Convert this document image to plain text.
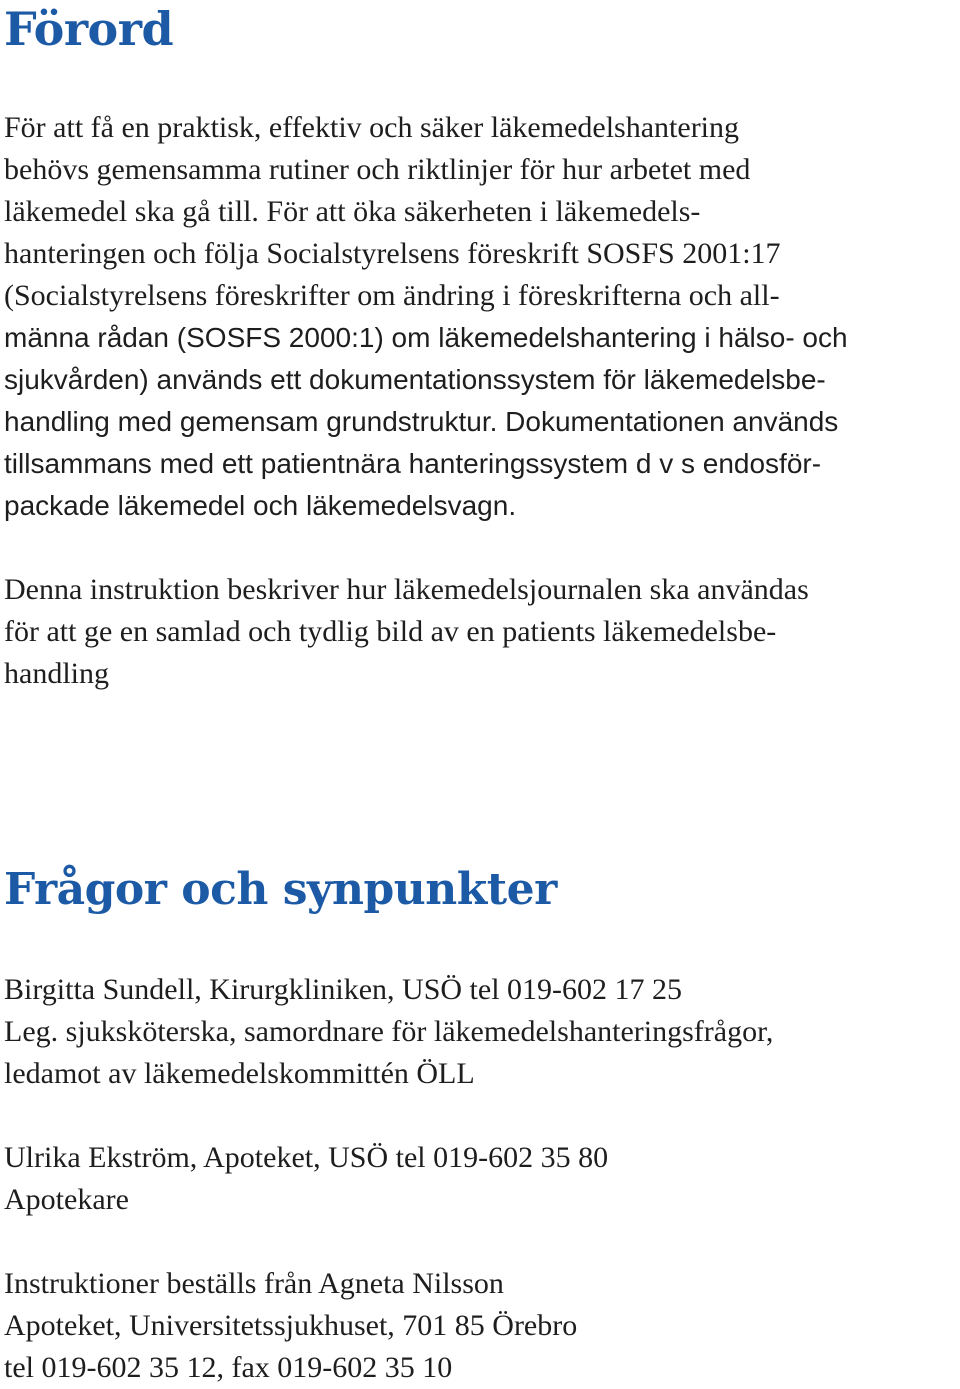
Förord
För att få en praktisk, effektiv och säker läkemedelshantering
behövs gemensamma rutiner och riktlinjer för hur arbetet med
läkemedel ska gå till. För att öka säkerheten i läkemedels-
hanteringen och följa Socialstyrelsens föreskrift SOSFS 2001:17
(Socialstyrelsens föreskrifter om ändring i föreskrifterna och all-
männa rådan (SOSFS 2000:1) om läkemedelshantering i hälso- och
sjukvården) används ett dokumentationssystem för läkemedelsbe-
handling med gemensam grundstruktur. Dokumentationen används
tillsammans med ett patientnära hanteringssystem d v s endosför-
packade läkemedel och läkemedelsvagn.
Denna instruktion beskriver hur läkemedelsjournalen ska användas
för att ge en samlad och tydlig bild av en patients läkemedelsbe-
handling
Frågor och synpunkter
Birgitta Sundell, Kirurgkliniken, USÖ tel 019-602 17 25
Leg. sjuksköterska, samordnare för läkemedelshanteringsfrågor,
ledamot av läkemedelskommittén ÖLL
Ulrika Ekström, Apoteket, USÖ tel 019-602 35 80
Apotekare
Instruktioner beställs från Agneta Nilsson
Apoteket, Universitetssjukhuset, 701 85 Örebro
tel 019-602 35 12, fax 019-602 35 10
